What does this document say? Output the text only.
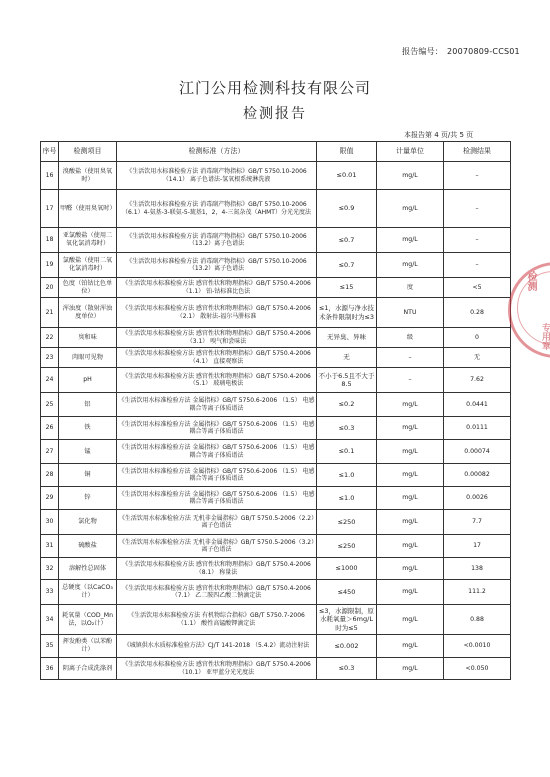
报告编号： 20070809-CCS01
江门公用检测科技有限公司
检测报告
本报告第 4 页/共 5 页
序号	检测项目	检测标准（方法）	限值	计量单位	检测结果
16	溴酸盐（使用臭氧时）	《生活饮用水标准检验方法 消毒副产物指标》GB/T 5750.10-2006 （14.1） 离子色谱法-氢氧根系统淋洗液	≤0.01	mg/L	–
17	甲醛（使用臭氧时）	《生活饮用水标准检验方法 消毒副产物指标》GB/T 5750.10-2006 （6.1）4-氨基-3-联氨-5-巯基1，2，4-三氮杂茂（AHMT）分光光度法	≤0.9	mg/L	–
18	亚氯酸盐（使用二氧化氯消毒时）	《生活饮用水标准检验方法 消毒副产物指标》GB/T 5750.10-2006 （13.2）离子色谱法	≤0.7	mg/L	–
19	氯酸盐（使用二氧化氯消毒时）	《生活饮用水标准检验方法 消毒副产物指标》GB/T 5750.10-2006 （13.2）离子色谱法	≤0.7	mg/L	–
20	色度（铂钴比色单位）	《生活饮用水标准检验方法 感官性状和物理指标》GB/T 5750.4-2006 （1.1） 铂-钴标准比色法	≤15	度	<5
21	浑浊度（散射浑浊度单位）	《生活饮用水标准检验方法 感官性状和物理指标》GB/T 5750.4-2006 （2.1） 散射法-福尔马肼标准	≤1，水源与净水技术条件限制时为≤3	NTU	0.28
22	臭和味	《生活饮用水标准检验方法 感官性状和物理指标》GB/T 5750.4-2006 （3.1） 嗅气和尝味法	无异臭、异味	级	0
23	肉眼可见物	《生活饮用水标准检验方法 感官性状和物理指标》GB/T 5750.4-2006 （4.1） 直接观察法	无	–	无
24	pH	《生活饮用水标准检验方法 感官性状和物理指标》GB/T 5750.4-2006 （5.1） 玻璃电极法	不小于6.5且不大于8.5	–	7.62
25	铝	《生活饮用水标准检验方法 金属指标》GB/T 5750.6-2006 （1.5） 电感耦合等离子体质谱法	≤0.2	mg/L	0.0441
26	铁	《生活饮用水标准检验方法 金属指标》GB/T 5750.6-2006 （1.5） 电感耦合等离子体质谱法	≤0.3	mg/L	0.0111
27	锰	《生活饮用水标准检验方法 金属指标》GB/T 5750.6-2006 （1.5） 电感耦合等离子体质谱法	≤0.1	mg/L	0.00074
28	铜	《生活饮用水标准检验方法 金属指标》GB/T 5750.6-2006 （1.5） 电感耦合等离子体质谱法	≤1.0	mg/L	0.00082
29	锌	《生活饮用水标准检验方法 金属指标》GB/T 5750.6-2006 （1.5） 电感耦合等离子体质谱法	≤1.0	mg/L	0.0026
30	氯化物	《生活饮用水标准检验方法 无机非金属指标》GB/T 5750.5-2006（2.2）离子色谱法	≤250	mg/L	7.7
31	硫酸盐	《生活饮用水标准检验方法 无机非金属指标》GB/T 5750.5-2006（3.2）离子色谱法	≤250	mg/L	17
32	溶解性总固体	《生活饮用水标准检验方法 感官性状和物理指标》GB/T 5750.4-2006 （8.1） 称量法	≤1000	mg/L	138
33	总硬度（以CaCO₃计）	《生活饮用水标准检验方法 感官性状和物理指标》GB/T 5750.4-2006 （7.1） 乙二胺四乙酸二钠滴定法	≤450	mg/L	111.2
34	耗氧量（COD_Mn法，以O₂计）	《生活饮用水标准检验方法 有机物综合指标》GB/T 5750.7-2006 （1.1） 酸性高锰酸钾滴定法	≤3，水源限制，原水耗氧量＞6mg/L时为≤5	mg/L	0.88
35	挥发酚类（以苯酚计）	《城镇供水水质标准检验方法》CJ/T 141-2018 （5.4.2）流动注射法	≤0.002	mg/L	<0.0010
36	阴离子合成洗涤剂	《生活饮用水标准检验方法 感官性状和物理指标》GB/T 5750.4-2006 （10.1） 亚甲蓝分光光度法	≤0.3	mg/L	<0.050
检测
专用章
